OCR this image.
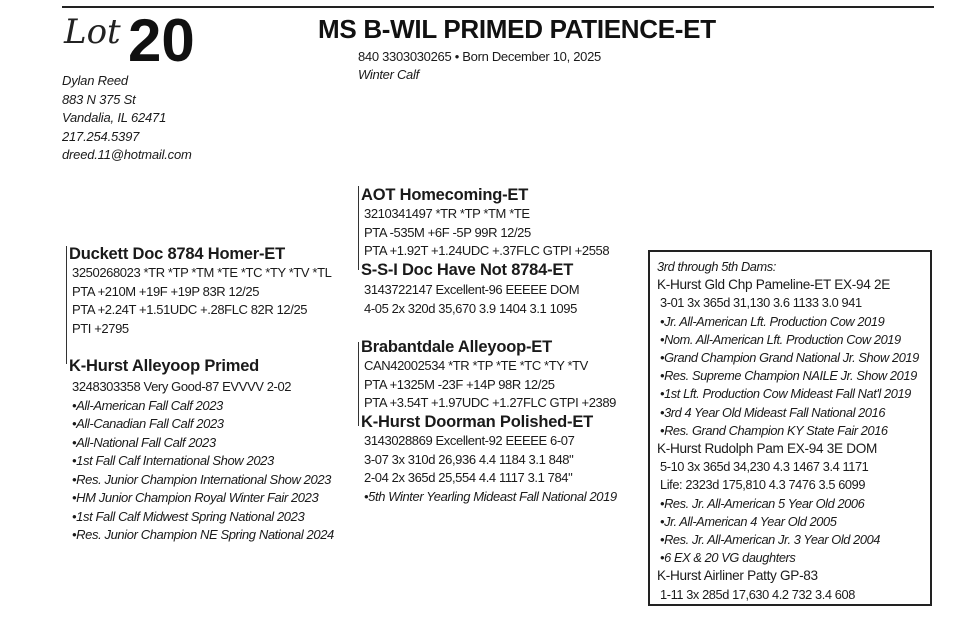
Lot 20	MS B-WIL PRIMED PATIENCE-ET
840 3303030265 • Born December 10, 2025
Winter Calf
Dylan Reed
883 N 375 St
Vandalia, IL 62471
217.254.5397
dreed.11@hotmail.com
Duckett Doc 8784 Homer-ET
3250268023 *TR *TP *TM *TE *TC *TY *TV *TL
PTA +210M +19F +19P 83R 12/25
PTA +2.24T +1.51UDC +.28FLC 82R 12/25
PTI +2795
K-Hurst Alleyoop Primed
3248303358 Very Good-87 EVVVV 2-02
•All-American Fall Calf 2023
•All-Canadian Fall Calf 2023
•All-National Fall Calf 2023
•1st Fall Calf International Show 2023
•Res. Junior Champion International Show 2023
•HM Junior Champion Royal Winter Fair 2023
•1st Fall Calf Midwest Spring National 2023
•Res. Junior Champion NE Spring National 2024
AOT Homecoming-ET
3210341497 *TR *TP *TM *TE
PTA -535M +6F -5P 99R 12/25
PTA +1.92T +1.24UDC +.37FLC GTPI +2558
S-S-I Doc Have Not 8784-ET
3143722147 Excellent-96 EEEEE DOM
4-05 2x 320d 35,670 3.9 1404 3.1 1095
Brabantdale Alleyoop-ET
CAN42002534 *TR *TP *TE *TC *TY *TV
PTA +1325M -23F +14P 98R 12/25
PTA +3.54T +1.97UDC +1.27FLC GTPI +2389
K-Hurst Doorman Polished-ET
3143028869 Excellent-92 EEEEE 6-07
3-07 3x 310d 26,936 4.4 1184 3.1 848"
2-04 2x 365d 25,554 4.4 1117 3.1 784"
•5th Winter Yearling Mideast Fall National 2019
3rd through 5th Dams:
K-Hurst Gld Chp Pameline-ET EX-94 2E
3-01 3x 365d 31,130 3.6 1133 3.0 941
•Jr. All-American Lft. Production Cow 2019
•Nom. All-American Lft. Production Cow 2019
•Grand Champion Grand National Jr. Show 2019
•Res. Supreme Champion NAILE Jr. Show 2019
•1st Lft. Production Cow Mideast Fall Nat'l 2019
•3rd 4 Year Old Mideast Fall National 2016
•Res. Grand Champion KY State Fair 2016
K-Hurst Rudolph Pam EX-94 3E DOM
5-10 3x 365d 34,230 4.3 1467 3.4 1171
Life: 2323d 175,810 4.3 7476 3.5 6099
•Res. Jr. All-American 5 Year Old 2006
•Jr. All-American 4 Year Old 2005
•Res. Jr. All-American Jr. 3 Year Old 2004
•6 EX & 20 VG daughters
K-Hurst Airliner Patty GP-83
1-11 3x 285d 17,630 4.2 732 3.4 608
